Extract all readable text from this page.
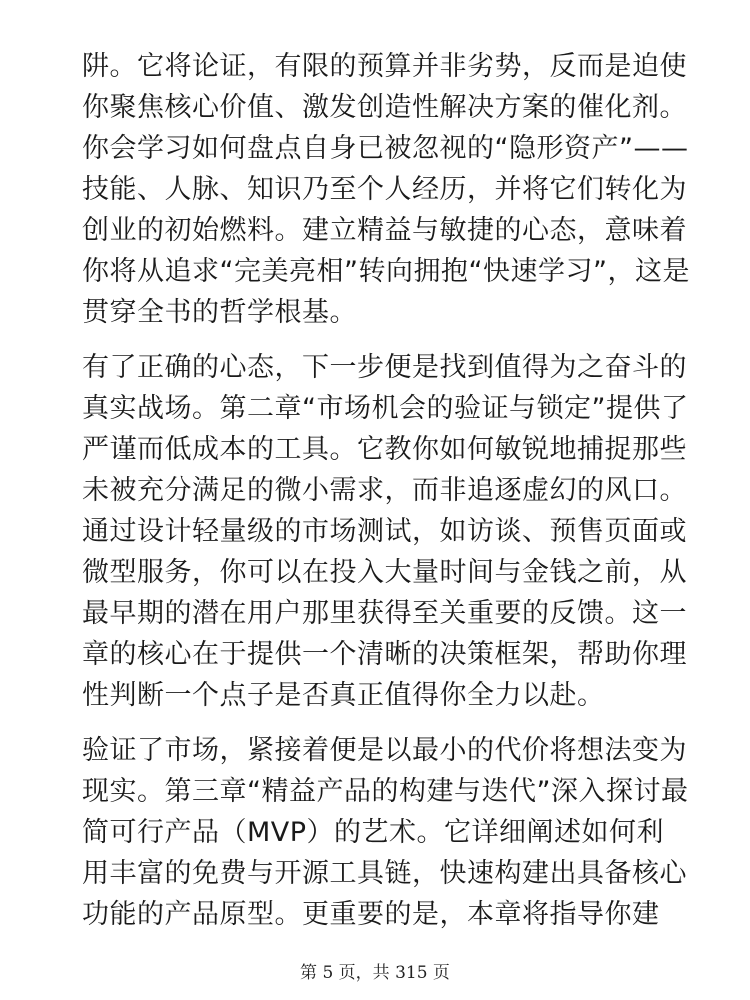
阱。它将论证，有限的预算并非劣势，反而是迫使你聚焦核心价值、激发创造性解决方案的催化剂。你会学习如何盘点自身已被忽视的“隐形资产”——技能、人脉、知识乃至个人经历，并将它们转化为创业的初始燃料。建立精益与敏捷的心态，意味着你将从追求“完美亮相”转向拥抱“快速学习”，这是贯穿全书的哲学根基。

有了正确的心态，下一步便是找到值得为之奋斗的真实战场。第二章“市场机会的验证与锁定”提供了严谨而低成本的工具。它教你如何敏锐地捕捉那些未被充分满足的微小需求，而非追逐虚幻的风口。通过设计轻量级的市场测试，如访谈、预售页面或微型服务，你可以在投入大量时间与金钱之前，从最早期的潜在用户那里获得至关重要的反馈。这一章的核心在于提供一个清晰的决策框架，帮助你理性判断一个点子是否真正值得你全力以赴。

验证了市场，紧接着便是以最小的代价将想法变为现实。第三章“精益产品的构建与迭代”深入探讨最简可行产品（MVP）的艺术。它详细阐述如何利用丰富的免费与开源工具链，快速构建出具备核心功能的产品原型。更重要的是，本章将指导你建

第 5 页，共 315 页
